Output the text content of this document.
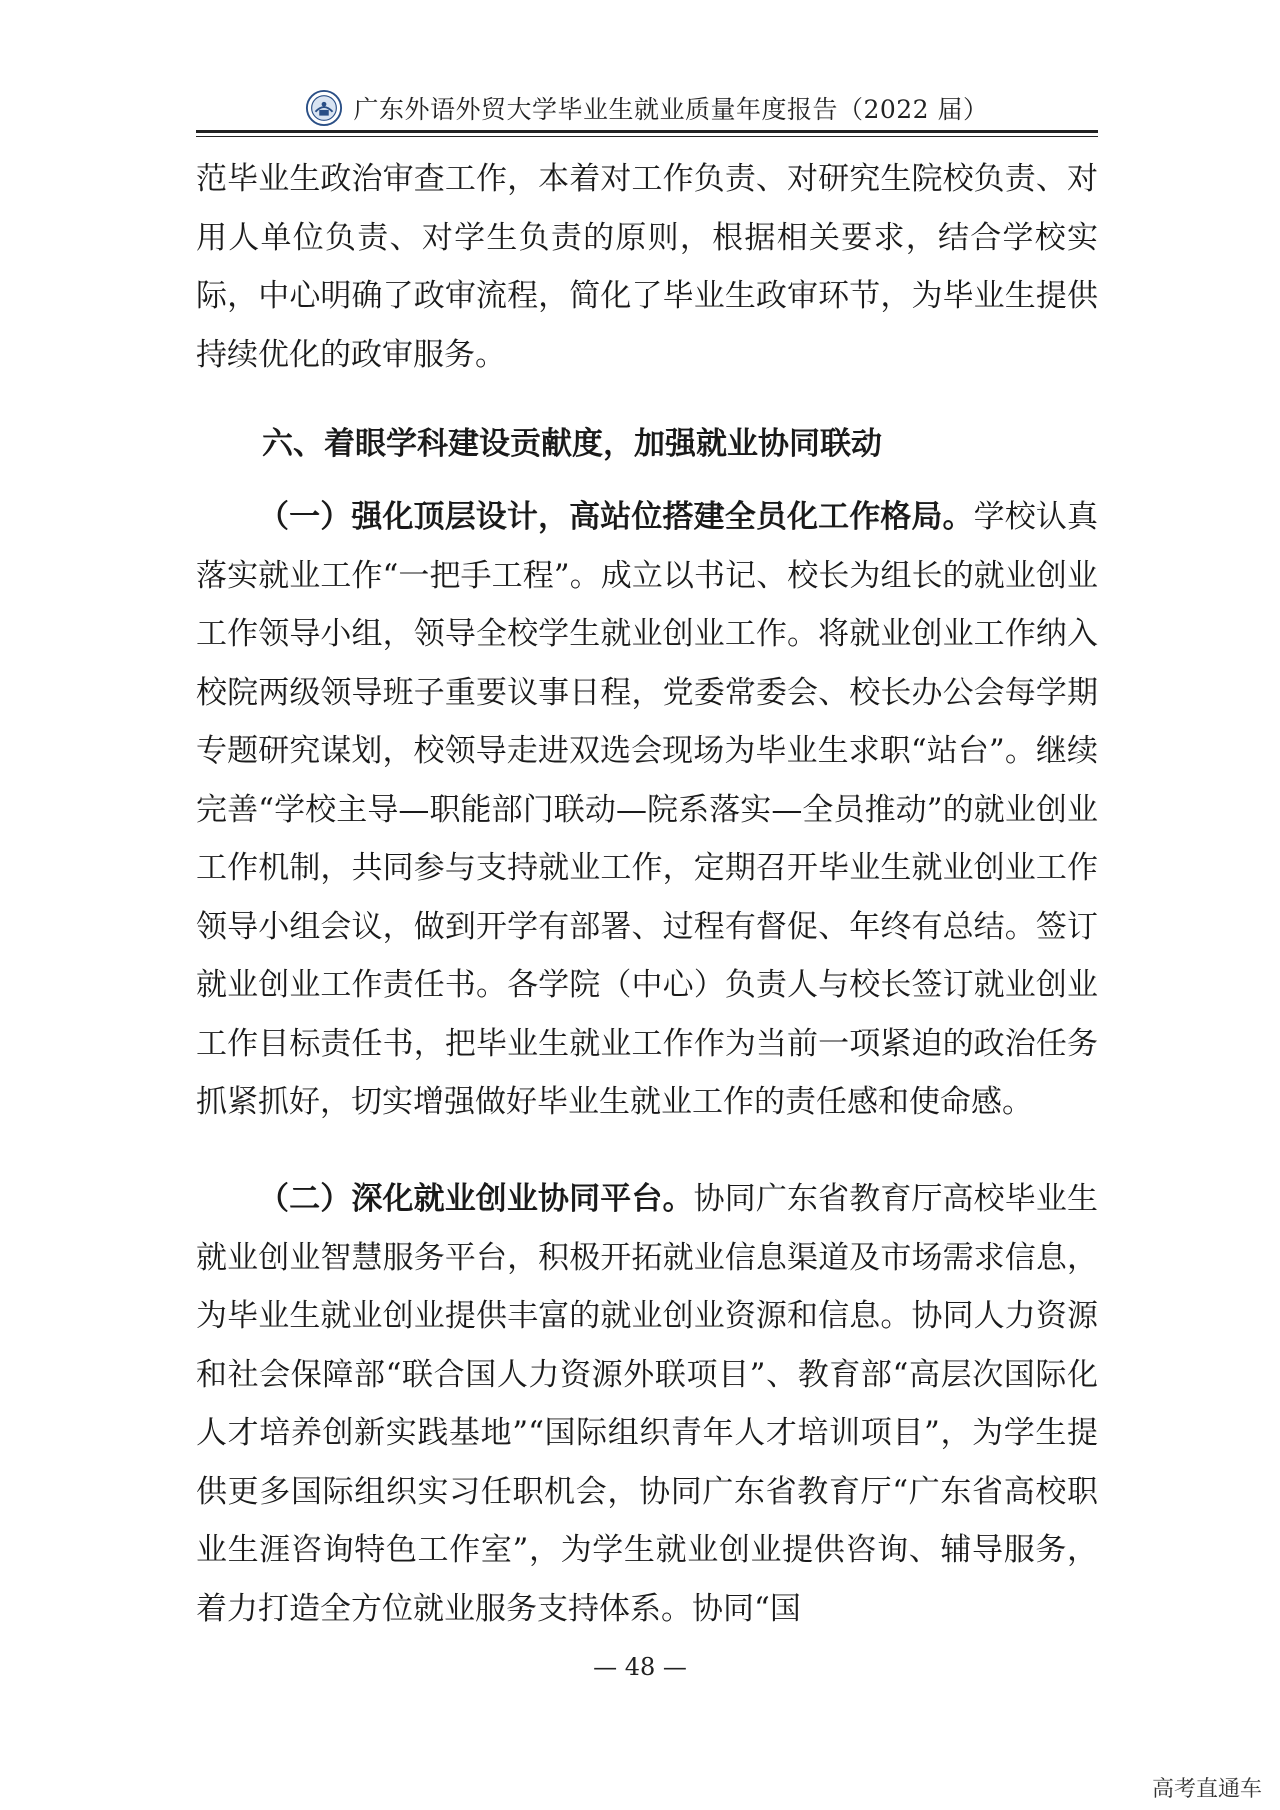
广东外语外贸大学毕业生就业质量年度报告（2022 届）

范毕业生政治审查工作，本着对工作负责、对研究生院校负责、对用人单位负责、对学生负责的原则，根据相关要求，结合学校实际，中心明确了政审流程，简化了毕业生政审环节，为毕业生提供持续优化的政审服务。

六、着眼学科建设贡献度，加强就业协同联动

（一）强化顶层设计，高站位搭建全员化工作格局。学校认真落实就业工作“一把手工程”。成立以书记、校长为组长的就业创业工作领导小组，领导全校学生就业创业工作。将就业创业工作纳入校院两级领导班子重要议事日程，党委常委会、校长办公会每学期专题研究谋划，校领导走进双选会现场为毕业生求职“站台”。继续完善“学校主导—职能部门联动—院系落实—全员推动”的就业创业工作机制，共同参与支持就业工作，定期召开毕业生就业创业工作领导小组会议，做到开学有部署、过程有督促、年终有总结。签订就业创业工作责任书。各学院（中心）负责人与校长签订就业创业工作目标责任书，把毕业生就业工作作为当前一项紧迫的政治任务抓紧抓好，切实增强做好毕业生就业工作的责任感和使命感。

（二）深化就业创业协同平台。协同广东省教育厅高校毕业生就业创业智慧服务平台，积极开拓就业信息渠道及市场需求信息，为毕业生就业创业提供丰富的就业创业资源和信息。协同人力资源和社会保障部“联合国人力资源外联项目”、教育部“高层次国际化人才培养创新实践基地”“国际组织青年人才培训项目”，为学生提供更多国际组织实习任职机会，协同广东省教育厅“广东省高校职业生涯咨询特色工作室”，为学生就业创业提供咨询、辅导服务，着力打造全方位就业服务支持体系。协同“国

— 48 —
高考直通车
